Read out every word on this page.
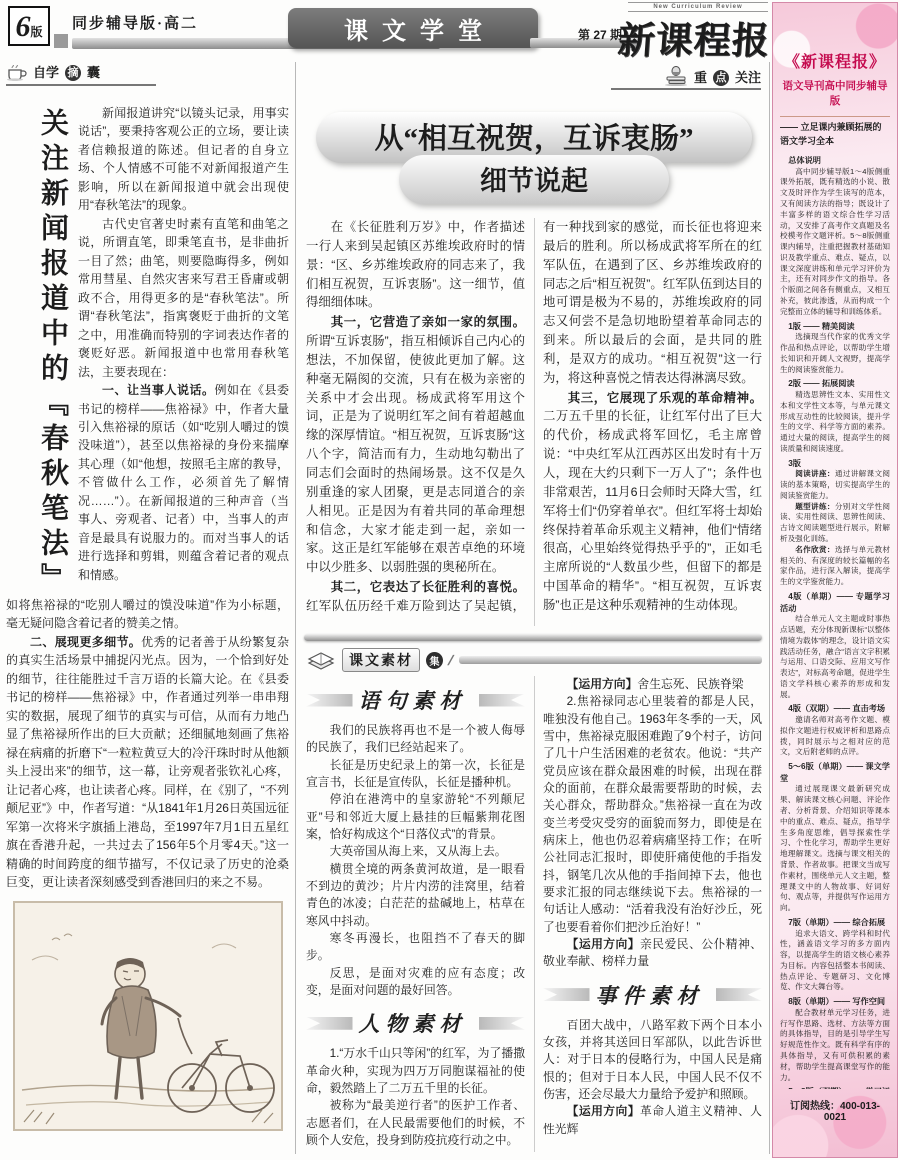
6 版 同步辅导版·高二	课文学堂	第 27 期
New Curriculum Review
新课程报
自学 摘 囊
关注新闻报道中的『春秋笔法』	新闻报道讲究“以镜头记录，用事实说话”，要秉持客观公正的立场，要让读者信赖报道的陈述。但记者的自身立场、个人情感不可能不对新闻报道产生影响，所以在新闻报道中就会出现使用“春秋笔法”的现象。
古代史官著史时素有直笔和曲笔之说，所谓直笔，即秉笔直书，是非曲折一目了然；曲笔，则要隐晦得多，例如常用彗星、自然灾害来写君王昏庸或朝政不合，用得更多的是“春秋笔法”。所谓“春秋笔法”，指寓褒贬于曲折的文笔之中，用准确而特别的字词表达作者的褒贬好恶。新闻报道中也常用春秋笔法，主要表现在：
一、让当事人说话。例如在《县委书记的榜样——焦裕禄》中，作者大量引入焦裕禄的原话（如“吃别人嚼过的馍没味道”），甚至以焦裕禄的身份来揣摩其心理（如“他想，按照毛主席的教导，不管做什么工作，必须首先了解情况……”）。在新闻报道的三种声音（当事人、旁观者、记者）中，当事人的声音是最具有说服力的。而对当事人的话进行选择和剪辑，则蕴含着记者的观点和情感。
如将焦裕禄的“吃别人嚼过的馍没味道”作为小标题，毫无疑问隐含着记者的赞美之情。
二、展现更多细节。优秀的记者善于从纷繁复杂的真实生活场景中捕捉闪光点。因为，一个恰到好处的细节，往往能胜过千言万语的长篇大论。在《县委书记的榜样——焦裕禄》中，作者通过列举一串串翔实的数据，展现了细节的真实与可信，从而有力地凸显了焦裕禄所作出的巨大贡献；还细腻地刻画了焦裕禄在病痛的折磨下“一粒粒黄豆大的冷汗珠时时从他额头上浸出来”的细节，这一幕，让旁观者张钦礼心疼，让记者心疼，也让读者心疼。同样，在《别了，“不列颠尼亚”》中，作者写道：“从1841年1月26日英国远征军第一次将米字旗插上港岛，至1997年7月1日五星红旗在香港升起，一共过去了156年5个月零4天。”这一精确的时间跨度的细节描写，不仅记录了历史的沧桑巨变，更让读者深刻感受到香港回归的来之不易。
重 点 关注
从“相互祝贺，互诉衷肠”
细节说起
在《长征胜利万岁》中，作者描述一行人来到吴起镇区苏维埃政府时的情景：“区、乡苏维埃政府的同志来了，我们相互祝贺，互诉衷肠”。这一细节，值得细细体味。
其一，它营造了亲如一家的氛围。所谓“互诉衷肠”，指互相倾诉自己内心的想法，不加保留，使彼此更加了解。这种毫无隔阂的交流，只有在极为亲密的关系中才会出现。杨成武将军用这个词，正是为了说明红军之间有着超越血缘的深厚情谊。“相互祝贺，互诉衷肠”这八个字，简洁而有力，生动地勾勒出了同志们会面时的热闹场景。这不仅是久别重逢的家人团聚，更是志同道合的亲人相见。正是因为有着共同的革命理想和信念，大家才能走到一起，亲如一家。这正是红军能够在艰苦卓绝的环境中以少胜多、以弱胜强的奥秘所在。
其二，它表达了长征胜利的喜悦。红军队伍历经千难万险到达了吴起镇，有一种找到家的感觉，而长征也将迎来最后的胜利。所以杨成武将军所在的红军队伍，在遇到了区、乡苏维埃政府的同志之后“相互祝贺”。红军队伍到达目的地可谓是极为不易的，苏维埃政府的同志又何尝不是急切地盼望着革命同志的到来。所以最后的会面，是共同的胜利，是双方的成功。“相互祝贺”这一行为，将这种喜悦之情表达得淋漓尽致。
其三，它展现了乐观的革命精神。二万五千里的长征，让红军付出了巨大的代价，杨成武将军回忆，毛主席曾说：“中央红军从江西苏区出发时有十万人，现在大约只剩下一万人了”；条件也非常艰苦，11月6日会师时天降大雪，红军将士们“仍穿着单衣”。但红军将士却始终保持着革命乐观主义精神，他们“情绪很高，心里始终觉得热乎乎的”，正如毛主席所说的“人数虽少些，但留下的都是中国革命的精华”。“相互祝贺，互诉衷肠”也正是这种乐观精神的生动体现。
课文素材	集 /
语句素材
我们的民族将再也不是一个被人侮辱的民族了，我们已经站起来了。
长征是历史纪录上的第一次，长征是宣言书，长征是宣传队，长征是播种机。
停泊在港湾中的皇家游轮“不列颠尼亚”号和邻近大厦上悬挂的巨幅紫荆花图案，恰好构成这个“日落仪式”的背景。
大英帝国从海上来，又从海上去。
横贯全境的两条黄河故道，是一眼看不到边的黄沙；片片内涝的洼窝里，结着青色的冰凌；白茫茫的盐碱地上，枯草在寒风中抖动。
寒冬再漫长，也阻挡不了春天的脚步。
反思，是面对灾难的应有态度；改变，是面对问题的最好回答。
人物素材
1.“万水千山只等闲”的红军，为了播撒革命火种，实现为四万万同胞谋福祉的使命，毅然踏上了二万五千里的长征。
被称为“最美逆行者”的医护工作者、志愿者们，在人民最需要他们的时候，不顾个人安危，投身到防疫抗疫行动之中。
【运用方向】舍生忘死、民族脊梁
2.焦裕禄同志心里装着的都是人民，唯独没有他自己。1963年冬季的一天，风雪中，焦裕禄克服困难跑了9个村子，访问了几十户生活困难的老贫农。他说：“共产党员应该在群众最困难的时候，出现在群众的面前，在群众最需要帮助的时候，去关心群众，帮助群众。”焦裕禄一直在为改变兰考受灾受穷的面貌而努力，即使是在病床上，他也仍忍着病痛坚持工作；在听公社同志汇报时，即使肝痛使他的手指发抖，钢笔几次从他的手指间掉下去，他也要求汇报的同志继续说下去。焦裕禄的一句话让人感动：“活着我没有治好沙丘，死了也要看着你们把沙丘治好！”
【运用方向】亲民爱民、公仆精神、敬业奉献、榜样力量
事件素材
百团大战中，八路军救下两个日本小女孩，并将其送回日军部队，以此告诉世人：对于日本的侵略行为，中国人民是痛恨的；但对于日本人民，中国人民不仅不伤害，还会尽最大力量给予爱护和照顾。
【运用方向】革命人道主义精神、人性光辉
《新课程报》
语文导刊高中同步辅导版
—— 立足课内兼顾拓展的语文学习全本
总体说明
高中同步辅导版1～4版侧重课外拓展，既有精选的小说、散文及时评作为学生读写的范本，又有阅读方法的指导；既设计了丰富多样的语文综合性学习活动，又安排了高考作文真题及名校模考作文题评析。5～8版侧重课内辅导，注重把握教材基础知识及教学重点、难点、疑点，以课文深度讲练和单元学习评价为主，还有对同步作文的指导。各个版面之间各有侧重点，又相互补充，彼此渗透，从而构成一个完整而立体的辅导和训练体系。
1版 —— 精美阅读
选摘现当代作家的优秀文学作品和热点评论，以帮助学生增长知识和开阔人文视野，提高学生的阅读鉴赏能力。
2版 —— 拓展阅读
精选思辨性文本、实用性文本和文学性文本等，与单元课文形成互动性的比较阅读，提升学生的文学、科学等方面的素养。通过大量的阅读，提高学生的阅读质量和阅读速度。
3版
阅读讲座：通过讲解课文阅读的基本策略，切实提高学生的阅读鉴赏能力。
题型讲练：分别对文学性阅读、实用性阅读、思辨性阅读、古诗文阅读题型进行展示，附解析及强化训练。
名作欣赏：选择与单元教材相关的、有深度的较长篇幅的名家作品，进行深入解读，提高学生的文学鉴赏能力。
4版（单期）—— 专题学习活动
结合单元人文主题或时事热点话题，充分体现新课标“以整体情境为载体”的理念，设计语文实践活动任务，融合“语言文字积累与运用、口语交际、应用文写作表达”，对标高考命题，促进学生语文学科核心素养的形成和发展。
4版（双期）—— 直击考场
邀请名师对高考作文题、模拟作文题进行权威评析和思路点拨，同时展示与之相对应的范文，文后附老师的点评。
5～6版（单期）—— 课文学堂
通过展现课文最新研究成果、解读课文核心问题、评论作者、分析背景、介绍知识等课本中的重点、难点、疑点，指导学生多角度思维，倡导探索性学习、个性化学习，帮助学生更好地理解课文。选摘与课文相关的背景、作者故事。把课文当成写作素材，围绕单元人文主题，整理课文中的人物故事、好词好句、观点等，并提供写作运用方向。
7版（单期）—— 综合拓展
追求大语文、跨学科和时代性，涵盖语文学习的多方面内容，以提高学生的语文核心素养为目标。内容包括整本书阅读、热点评论、专题研习、文化博览、作文大舞台等。
8版（单期）—— 写作空间
配合教材单元学习任务，进行写作思路、选材、方法等方面的具体指导，目的是引导学生写好规范性作文。既有科学有序的具体指导，又有可供积累的素材，帮助学生提高课堂写作的能力。
订阅热线：400-013-0021
